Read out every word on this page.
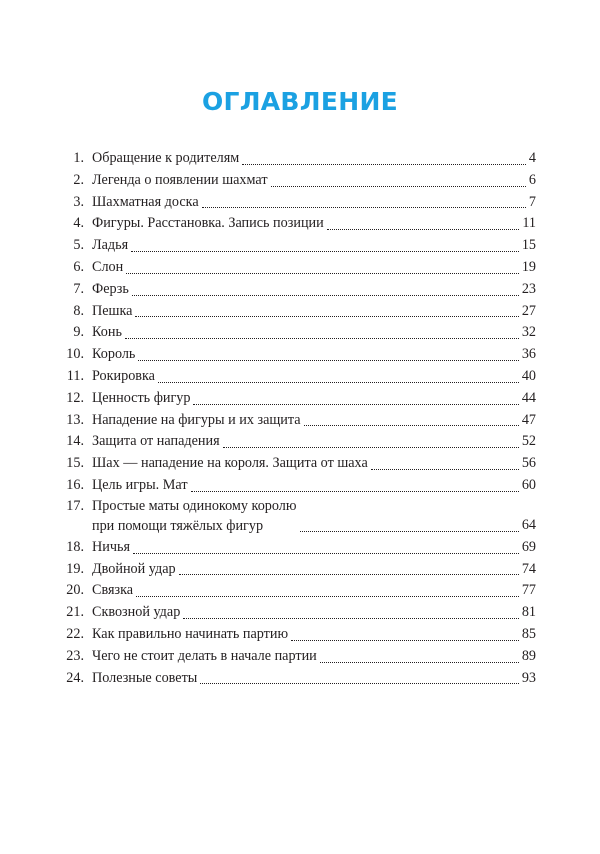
ОГЛАВЛЕНИЕ
1. Обращение к родителям	4
2. Легенда о появлении шахмат	6
3. Шахматная доска	7
4. Фигуры. Расстановка. Запись позиции	11
5. Ладья	15
6. Слон	19
7. Ферзь	23
8. Пешка	27
9. Конь	32
10. Король	36
11. Рокировка	40
12. Ценность фигур	44
13. Нападение на фигуры и их защита	47
14. Защита от нападения	52
15. Шах — нападение на короля. Защита от шаха	56
16. Цель игры. Мат	60
17. Простые маты одинокому королю
при помощи тяжёлых фигур	64
18. Ничья	69
19. Двойной удар	74
20. Связка	77
21. Сквозной удар	81
22. Как правильно начинать партию	85
23. Чего не стоит делать в начале партии	89
24. Полезные советы	93
